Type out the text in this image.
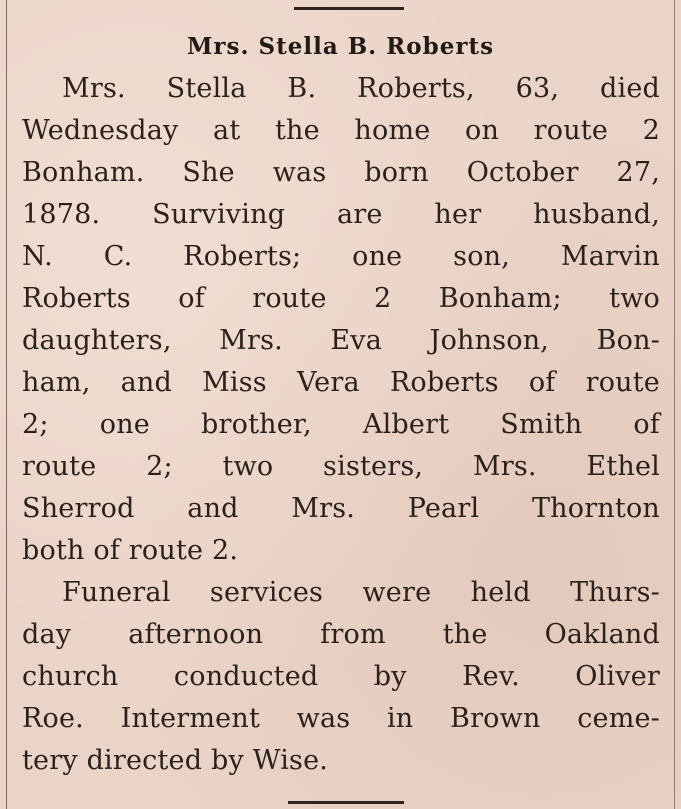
Mrs. Stella B. Roberts
Mrs. Stella B. Roberts, 63, died
Wednesday at the home on route 2
Bonham. She was born October 27,
1878. Surviving are her husband,
N. C. Roberts; one son, Marvin
Roberts of route 2 Bonham; two
daughters, Mrs. Eva Johnson, Bon-
ham, and Miss Vera Roberts of route
2; one brother, Albert Smith of
route 2; two sisters, Mrs. Ethel
Sherrod and Mrs. Pearl Thornton
both of route 2.
Funeral services were held Thurs-
day afternoon from the Oakland
church conducted by Rev. Oliver
Roe. Interment was in Brown ceme-
tery directed by Wise.
